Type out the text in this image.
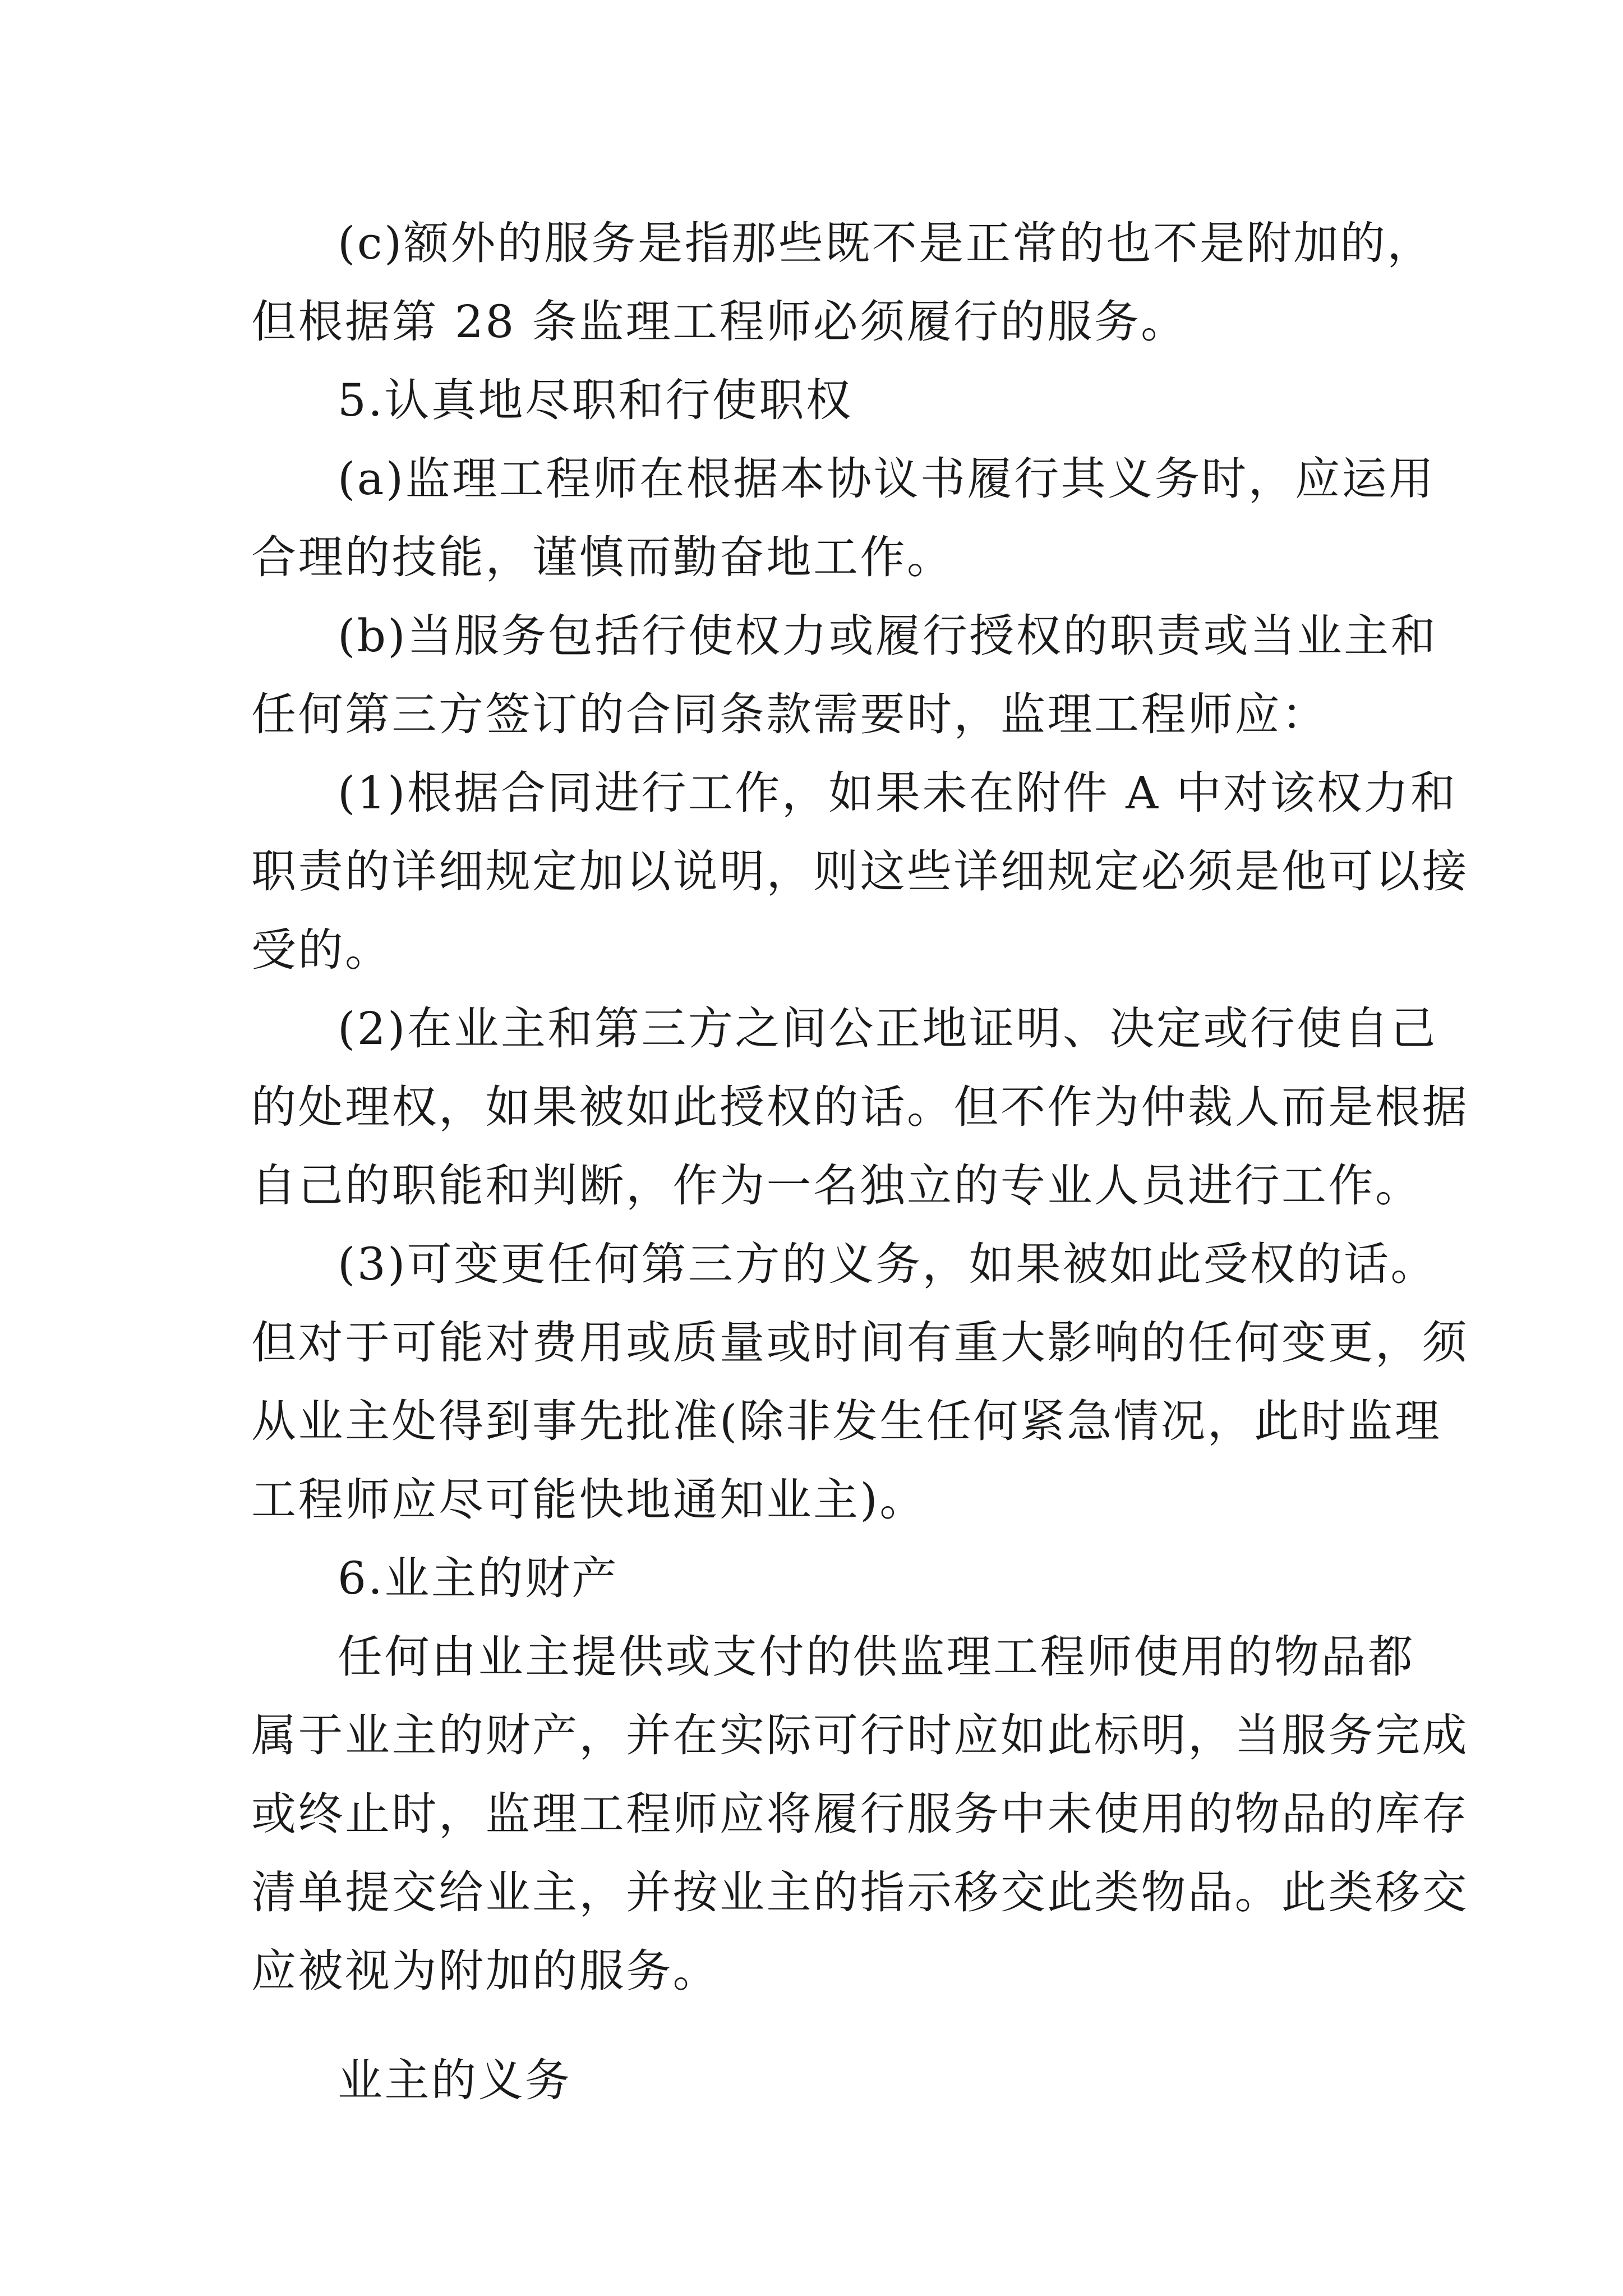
(c)额外的服务是指那些既不是正常的也不是附加的，
但根据第 28 条监理工程师必须履行的服务。
5.认真地尽职和行使职权
(a)监理工程师在根据本协议书履行其义务时，应运用
合理的技能，谨慎而勤奋地工作。
(b)当服务包括行使权力或履行授权的职责或当业主和
任何第三方签订的合同条款需要时，监理工程师应：
(1)根据合同进行工作，如果未在附件 A 中对该权力和
职责的详细规定加以说明，则这些详细规定必须是他可以接
受的。
(2)在业主和第三方之间公正地证明、决定或行使自己
的处理权，如果被如此授权的话。但不作为仲裁人而是根据
自己的职能和判断，作为一名独立的专业人员进行工作。
(3)可变更任何第三方的义务，如果被如此受权的话。
但对于可能对费用或质量或时间有重大影响的任何变更，须
从业主处得到事先批准(除非发生任何紧急情况，此时监理
工程师应尽可能快地通知业主)。
6.业主的财产
任何由业主提供或支付的供监理工程师使用的物品都
属于业主的财产，并在实际可行时应如此标明，当服务完成
或终止时，监理工程师应将履行服务中未使用的物品的库存
清单提交给业主，并按业主的指示移交此类物品。此类移交
应被视为附加的服务。
业主的义务
